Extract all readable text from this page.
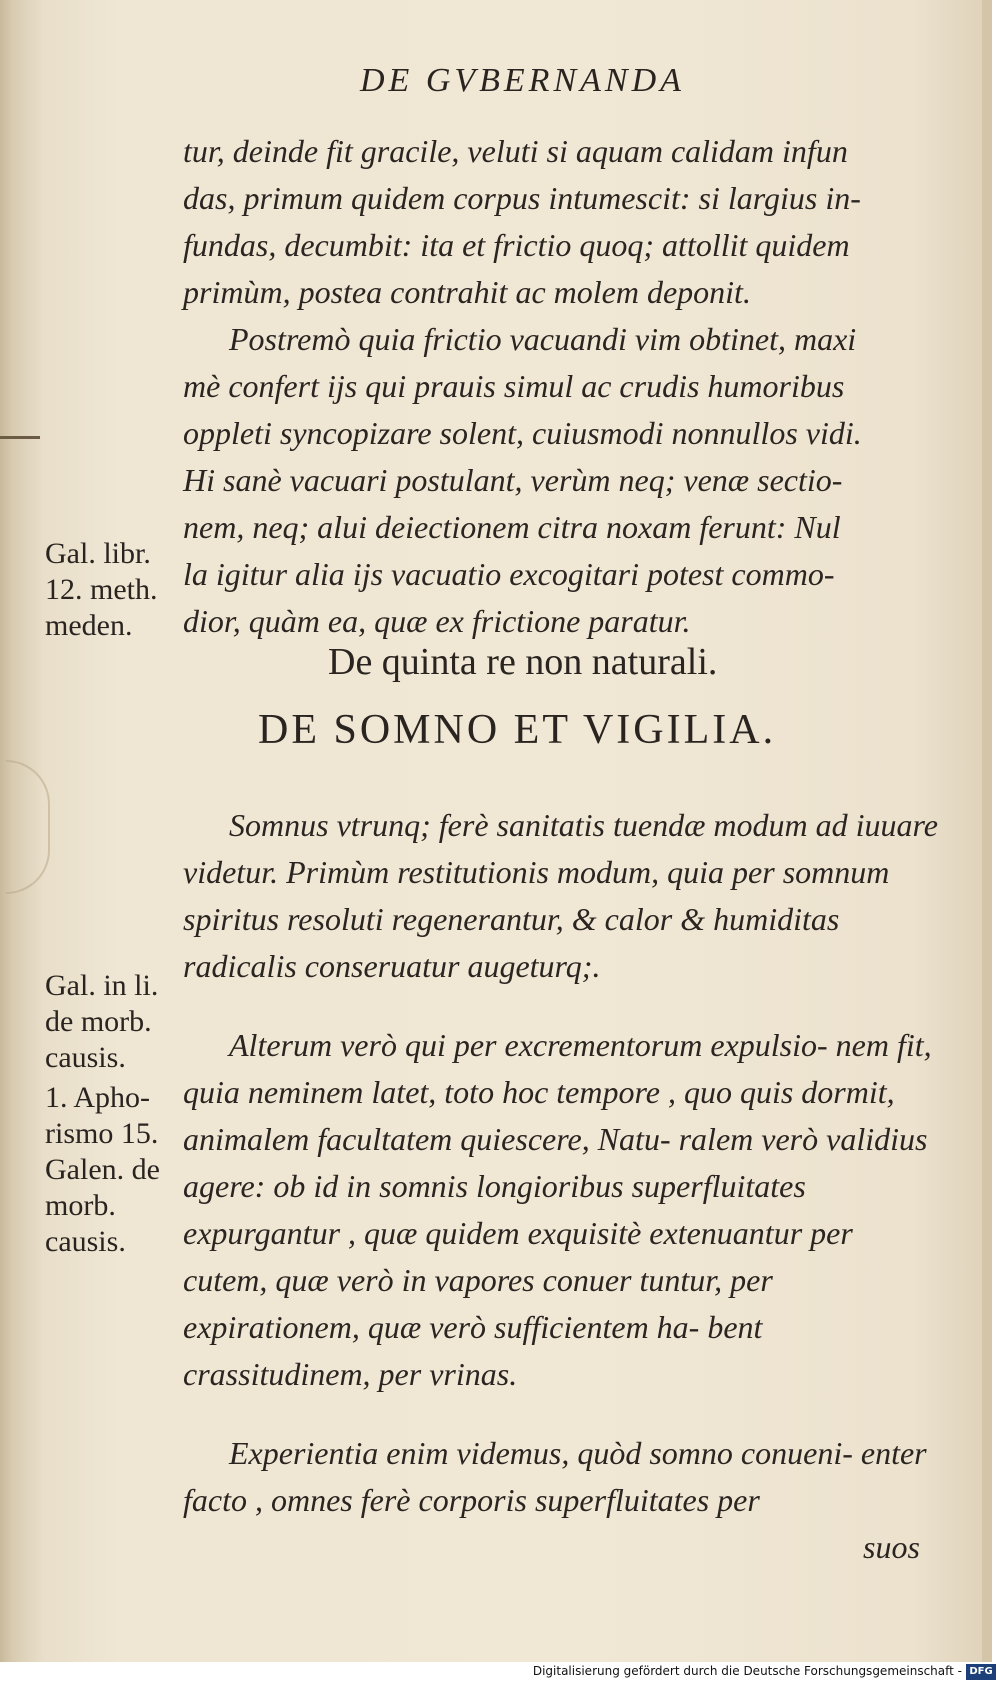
DE GVBERNANDA

tur, deinde fit gracile, veluti si aquam calidam infun
das, primum quidem corpus intumescit: si largius in-
fundas, decumbit: ita et frictio quoq; attollit quidem
primùm, postea contrahit ac molem deponit.

Postremò quia frictio vacuandi vim obtinet, maxi
mè confert ijs qui prauis simul ac crudis humoribus
oppleti syncopizare solent, cuiusmodi nonnullos vidi.
Hi sanè vacuari postulant, verùm neq; venæ sectio-
nem, neq; alui deiectionem citra noxam ferunt: Nul
la igitur alia ijs vacuatio excogitari potest commo-
dior, quàm ea, quæ ex frictione paratur.

De quinta re non naturali.
DE SOMNO ET VIGILIA.

Somnus vtrunq; ferè sanitatis tuendæ modum ad iuuare videtur. Primùm restitutionis modum, quia per somnum spiritus resoluti regenerantur, & calor & humiditas radicalis conseruatur augeturq;.

Alterum verò qui per excrementorum expulsio- nem fit, quia neminem latet, toto hoc tempore , quo quis dormit, animalem facultatem quiescere, Natu- ralem verò validius agere: ob id in somnis longioribus superfluitates expurgantur , quæ quidem exquisitè extenuantur per cutem, quæ verò in vapores conuer tuntur, per expirationem, quæ verò sufficientem ha- bent crassitudinem, per vrinas.

Experientia enim videmus, quòd somno conueni- enter facto , omnes ferè corporis superfluitates per suos

Gal. libr.
12. meth.
meden.
Gal. in li.
de morb.
causis.
1. Apho-
rismo 15.
Galen. de
morb.
causis.
Digitalisierung gefördert durch die Deutsche Forschungsgemeinschaft - DFG
